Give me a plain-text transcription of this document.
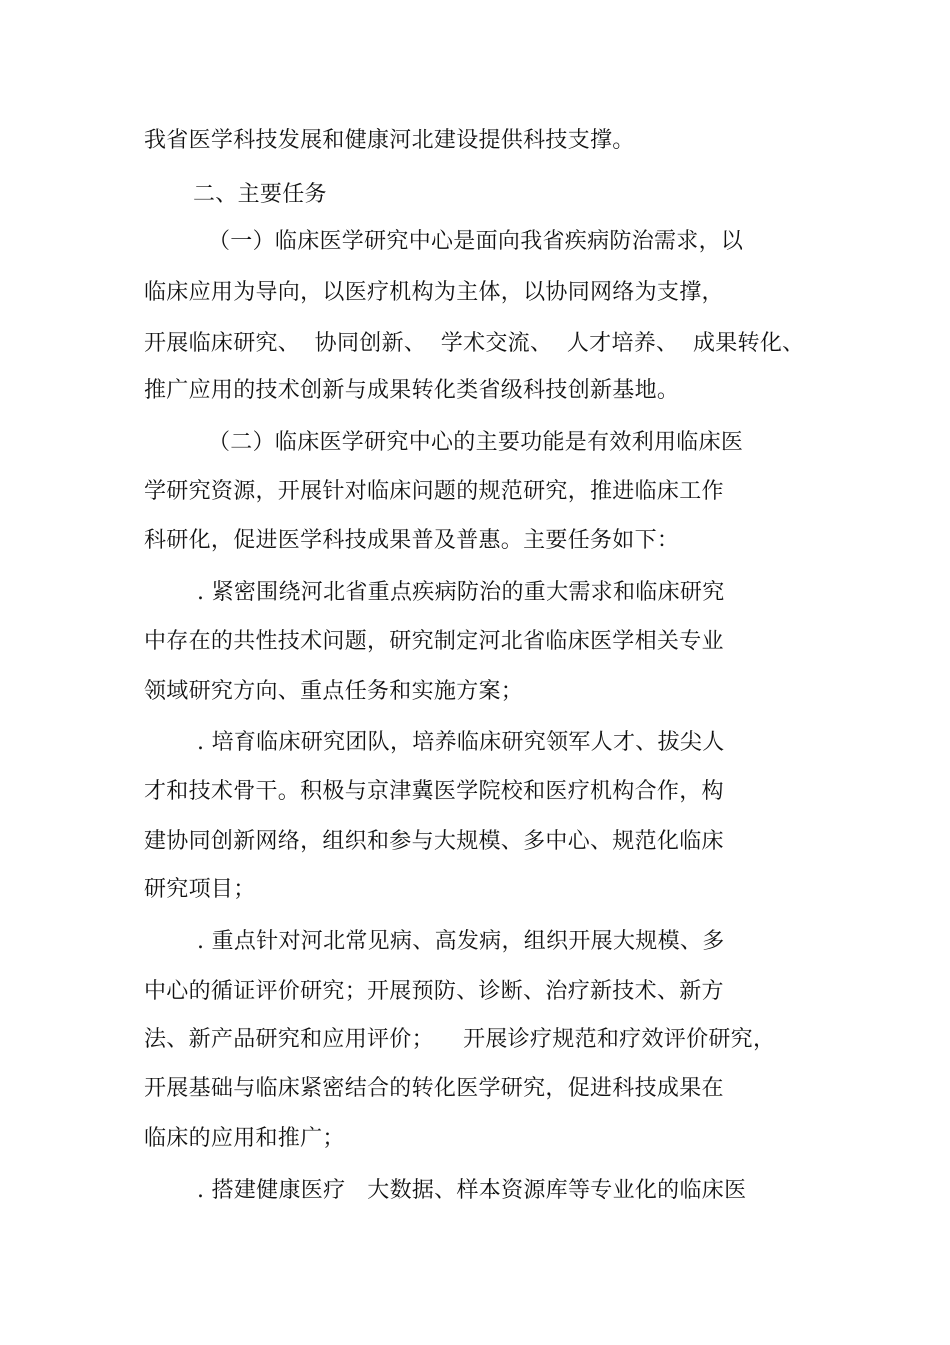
我省医学科技发展和健康河北建设提供科技支撑。
二、主要任务
（一）临床医学研究中心是面向我省疾病防治需求，以
临床应用为导向，以医疗机构为主体，以协同网络为支撑，
开展临床研究、  协同创新、  学术交流、  人才培养、  成果转化、
推广应用的技术创新与成果转化类省级科技创新基地。
（二）临床医学研究中心的主要功能是有效利用临床医
学研究资源，开展针对临床问题的规范研究，推进临床工作
科研化，促进医学科技成果普及普惠。主要任务如下：
. 紧密围绕河北省重点疾病防治的重大需求和临床研究
中存在的共性技术问题，研究制定河北省临床医学相关专业
领域研究方向、重点任务和实施方案；
. 培育临床研究团队，培养临床研究领军人才、拔尖人
才和技术骨干。积极与京津冀医学院校和医疗机构合作，构
建协同创新网络，组织和参与大规模、多中心、规范化临床
研究项目；
. 重点针对河北常见病、高发病，组织开展大规模、多
中心的循证评价研究；开展预防、诊断、治疗新技术、新方
法、新产品研究和应用评价；    开展诊疗规范和疗效评价研究，
开展基础与临床紧密结合的转化医学研究，促进科技成果在
临床的应用和推广；
. 搭建健康医疗   大数据、样本资源库等专业化的临床医
